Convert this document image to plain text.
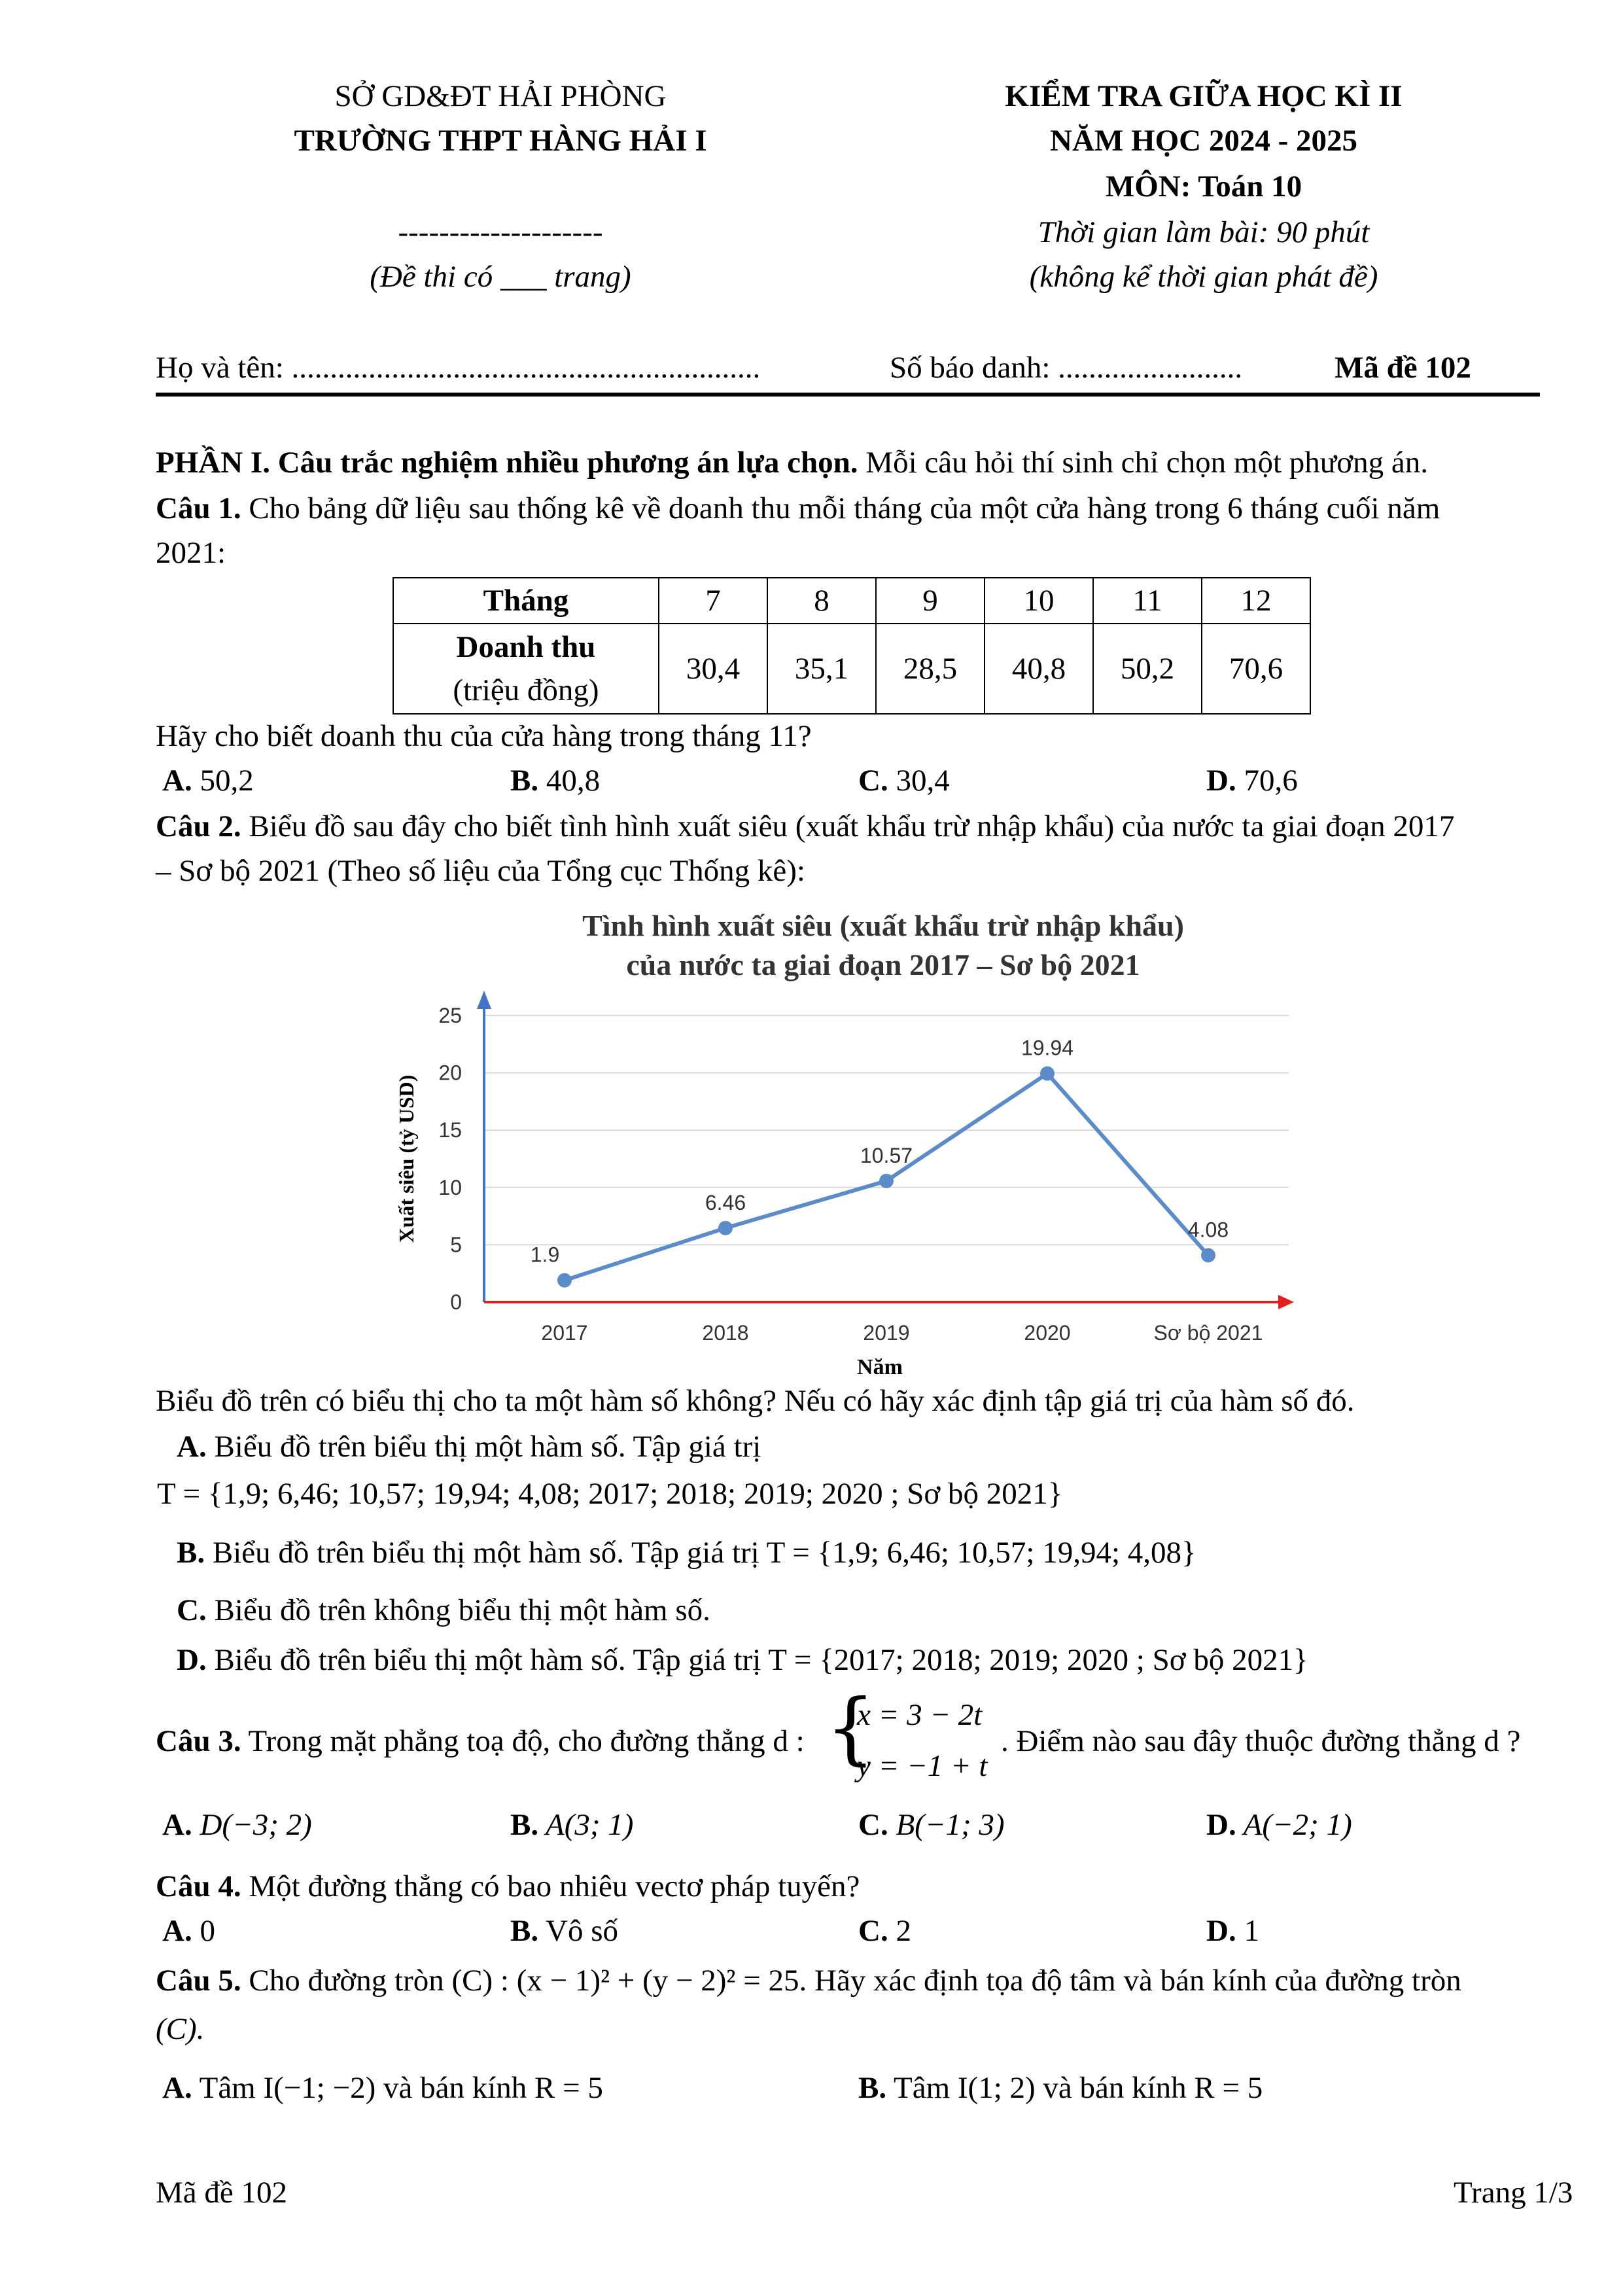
SỞ GD&ĐT HẢI PHÒNG
TRƯỜNG THPT HÀNG HẢI I
--------------------
(Đề thi có ___ trang)
KIỂM TRA GIỮA HỌC KÌ II
NĂM HỌC 2024 - 2025
MÔN: Toán 10
Thời gian làm bài: 90 phút
(không kể thời gian phát đề)
Họ và tên: .............................................................	Số báo danh: ........................	Mã đề 102
PHẦN I. Câu trắc nghiệm nhiều phương án lựa chọn. Mỗi câu hỏi thí sinh chỉ chọn một phương án.
Câu 1. Cho bảng dữ liệu sau thống kê về doanh thu mỗi tháng của một cửa hàng trong 6 tháng cuối năm
2021:
Tháng	7	8	9	10	11	12
Doanh thu
(triệu đồng)	30,4	35,1	28,5	40,8	50,2	70,6
Hãy cho biết doanh thu của cửa hàng trong tháng 11?
A. 50,2	B. 40,8	C. 30,4	D. 70,6
Câu 2. Biểu đồ sau đây cho biết tình hình xuất siêu (xuất khẩu trừ nhập khẩu) của nước ta giai đoạn 2017
– Sơ bộ 2021 (Theo số liệu của Tổng cục Thống kê):
Tình hình xuất siêu (xuất khẩu trừ nhập khẩu)
của nước ta giai đoạn 2017 – Sơ bộ 2021
0
5
10
15
20
25
2017	2018	2019	2020	Sơ bộ 2021
1.9
6.46
10.57
19.94
4.08
Xuất siêu (tỷ USD)
Năm
Biểu đồ trên có biểu thị cho ta một hàm số không? Nếu có hãy xác định tập giá trị của hàm số đó.
A. Biểu đồ trên biểu thị một hàm số. Tập giá trị
T = {1,9; 6,46; 10,57; 19,94; 4,08; 2017; 2018; 2019; 2020 ; Sơ bộ 2021}
B. Biểu đồ trên biểu thị một hàm số. Tập giá trị T = {1,9; 6,46; 10,57; 19,94; 4,08}
C. Biểu đồ trên không biểu thị một hàm số.
D. Biểu đồ trên biểu thị một hàm số. Tập giá trị T = {2017; 2018; 2019; 2020 ; Sơ bộ 2021}
Câu 3. Trong mặt phẳng toạ độ, cho đường thẳng d : {
x = 3 − 2t
y = −1 + t
. Điểm nào sau đây thuộc đường thẳng d ?
A. D(−3; 2)	B. A(3; 1)	C. B(−1; 3)	D. A(−2; 1)
Câu 4. Một đường thẳng có bao nhiêu vectơ pháp tuyến?
A. 0	B. Vô số	C. 2	D. 1
Câu 5. Cho đường tròn (C) : (x − 1)² + (y − 2)² = 25. Hãy xác định tọa độ tâm và bán kính của đường tròn
(C).
A. Tâm I(−1; −2) và bán kính R = 5	B. Tâm I(1; 2) và bán kính R = 5
Mã đề 102	Trang 1/3
